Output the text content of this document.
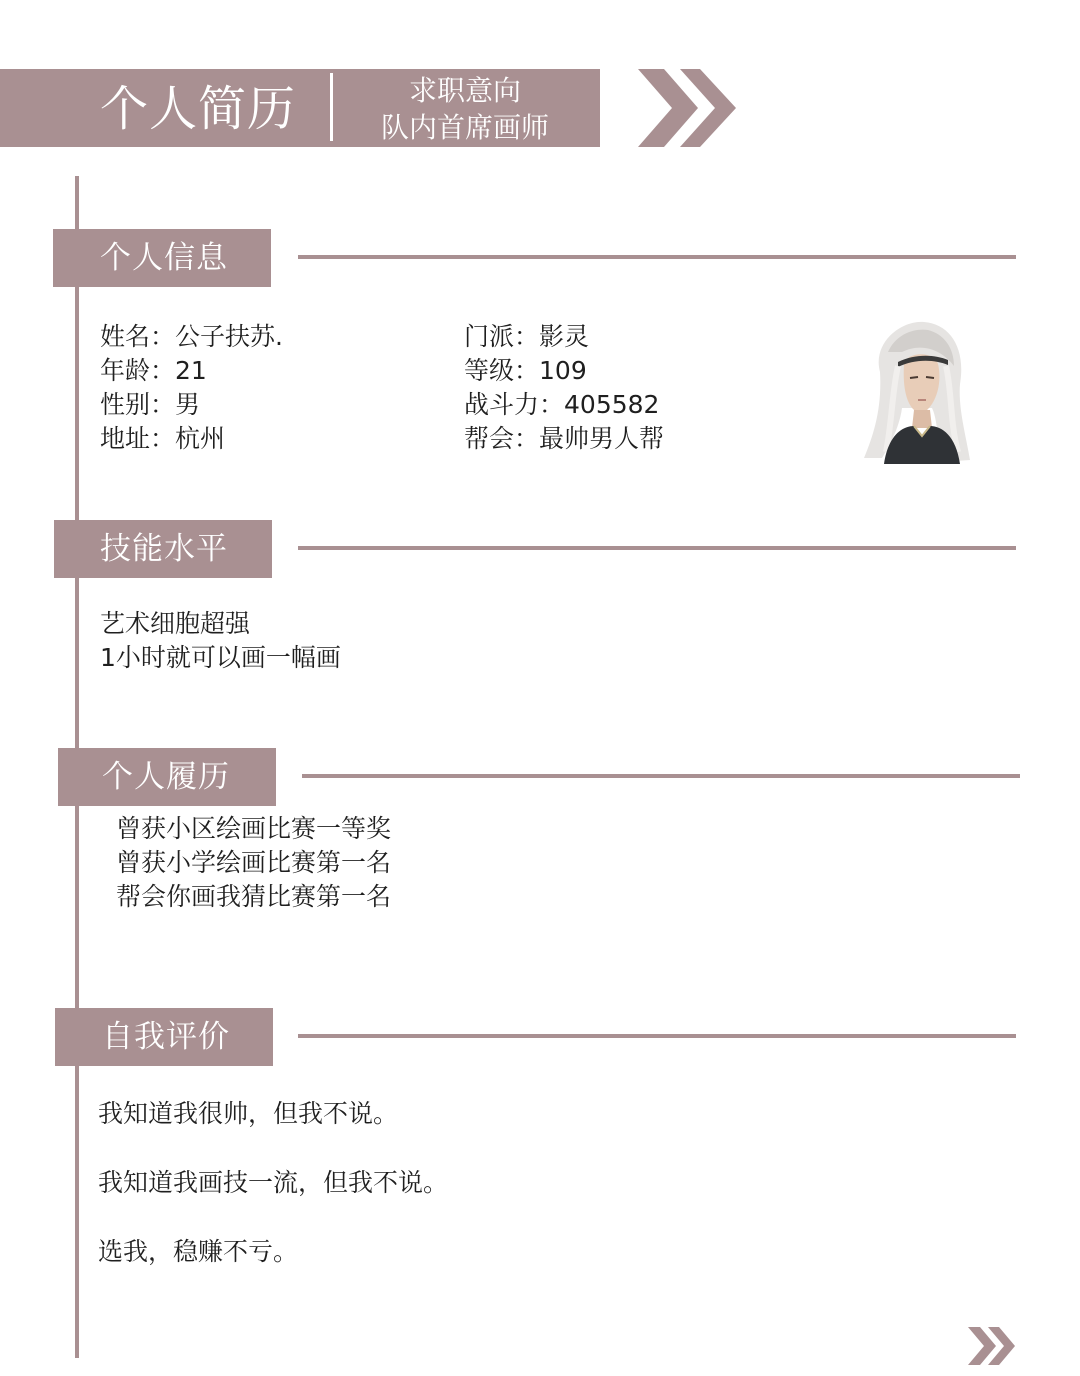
个人简历	求职意向
队内首席画师
个人信息
姓名：公子扶苏.
年龄：21
性别：男
地址：杭州
门派：影灵
等级：109
战斗力：405582
帮会：最帅男人帮
技能水平
艺术细胞超强
1小时就可以画一幅画
个人履历
曾获小区绘画比赛一等奖
曾获小学绘画比赛第一名
帮会你画我猜比赛第一名
自我评价
我知道我很帅，但我不说。
我知道我画技一流，但我不说。
选我，稳赚不亏。
